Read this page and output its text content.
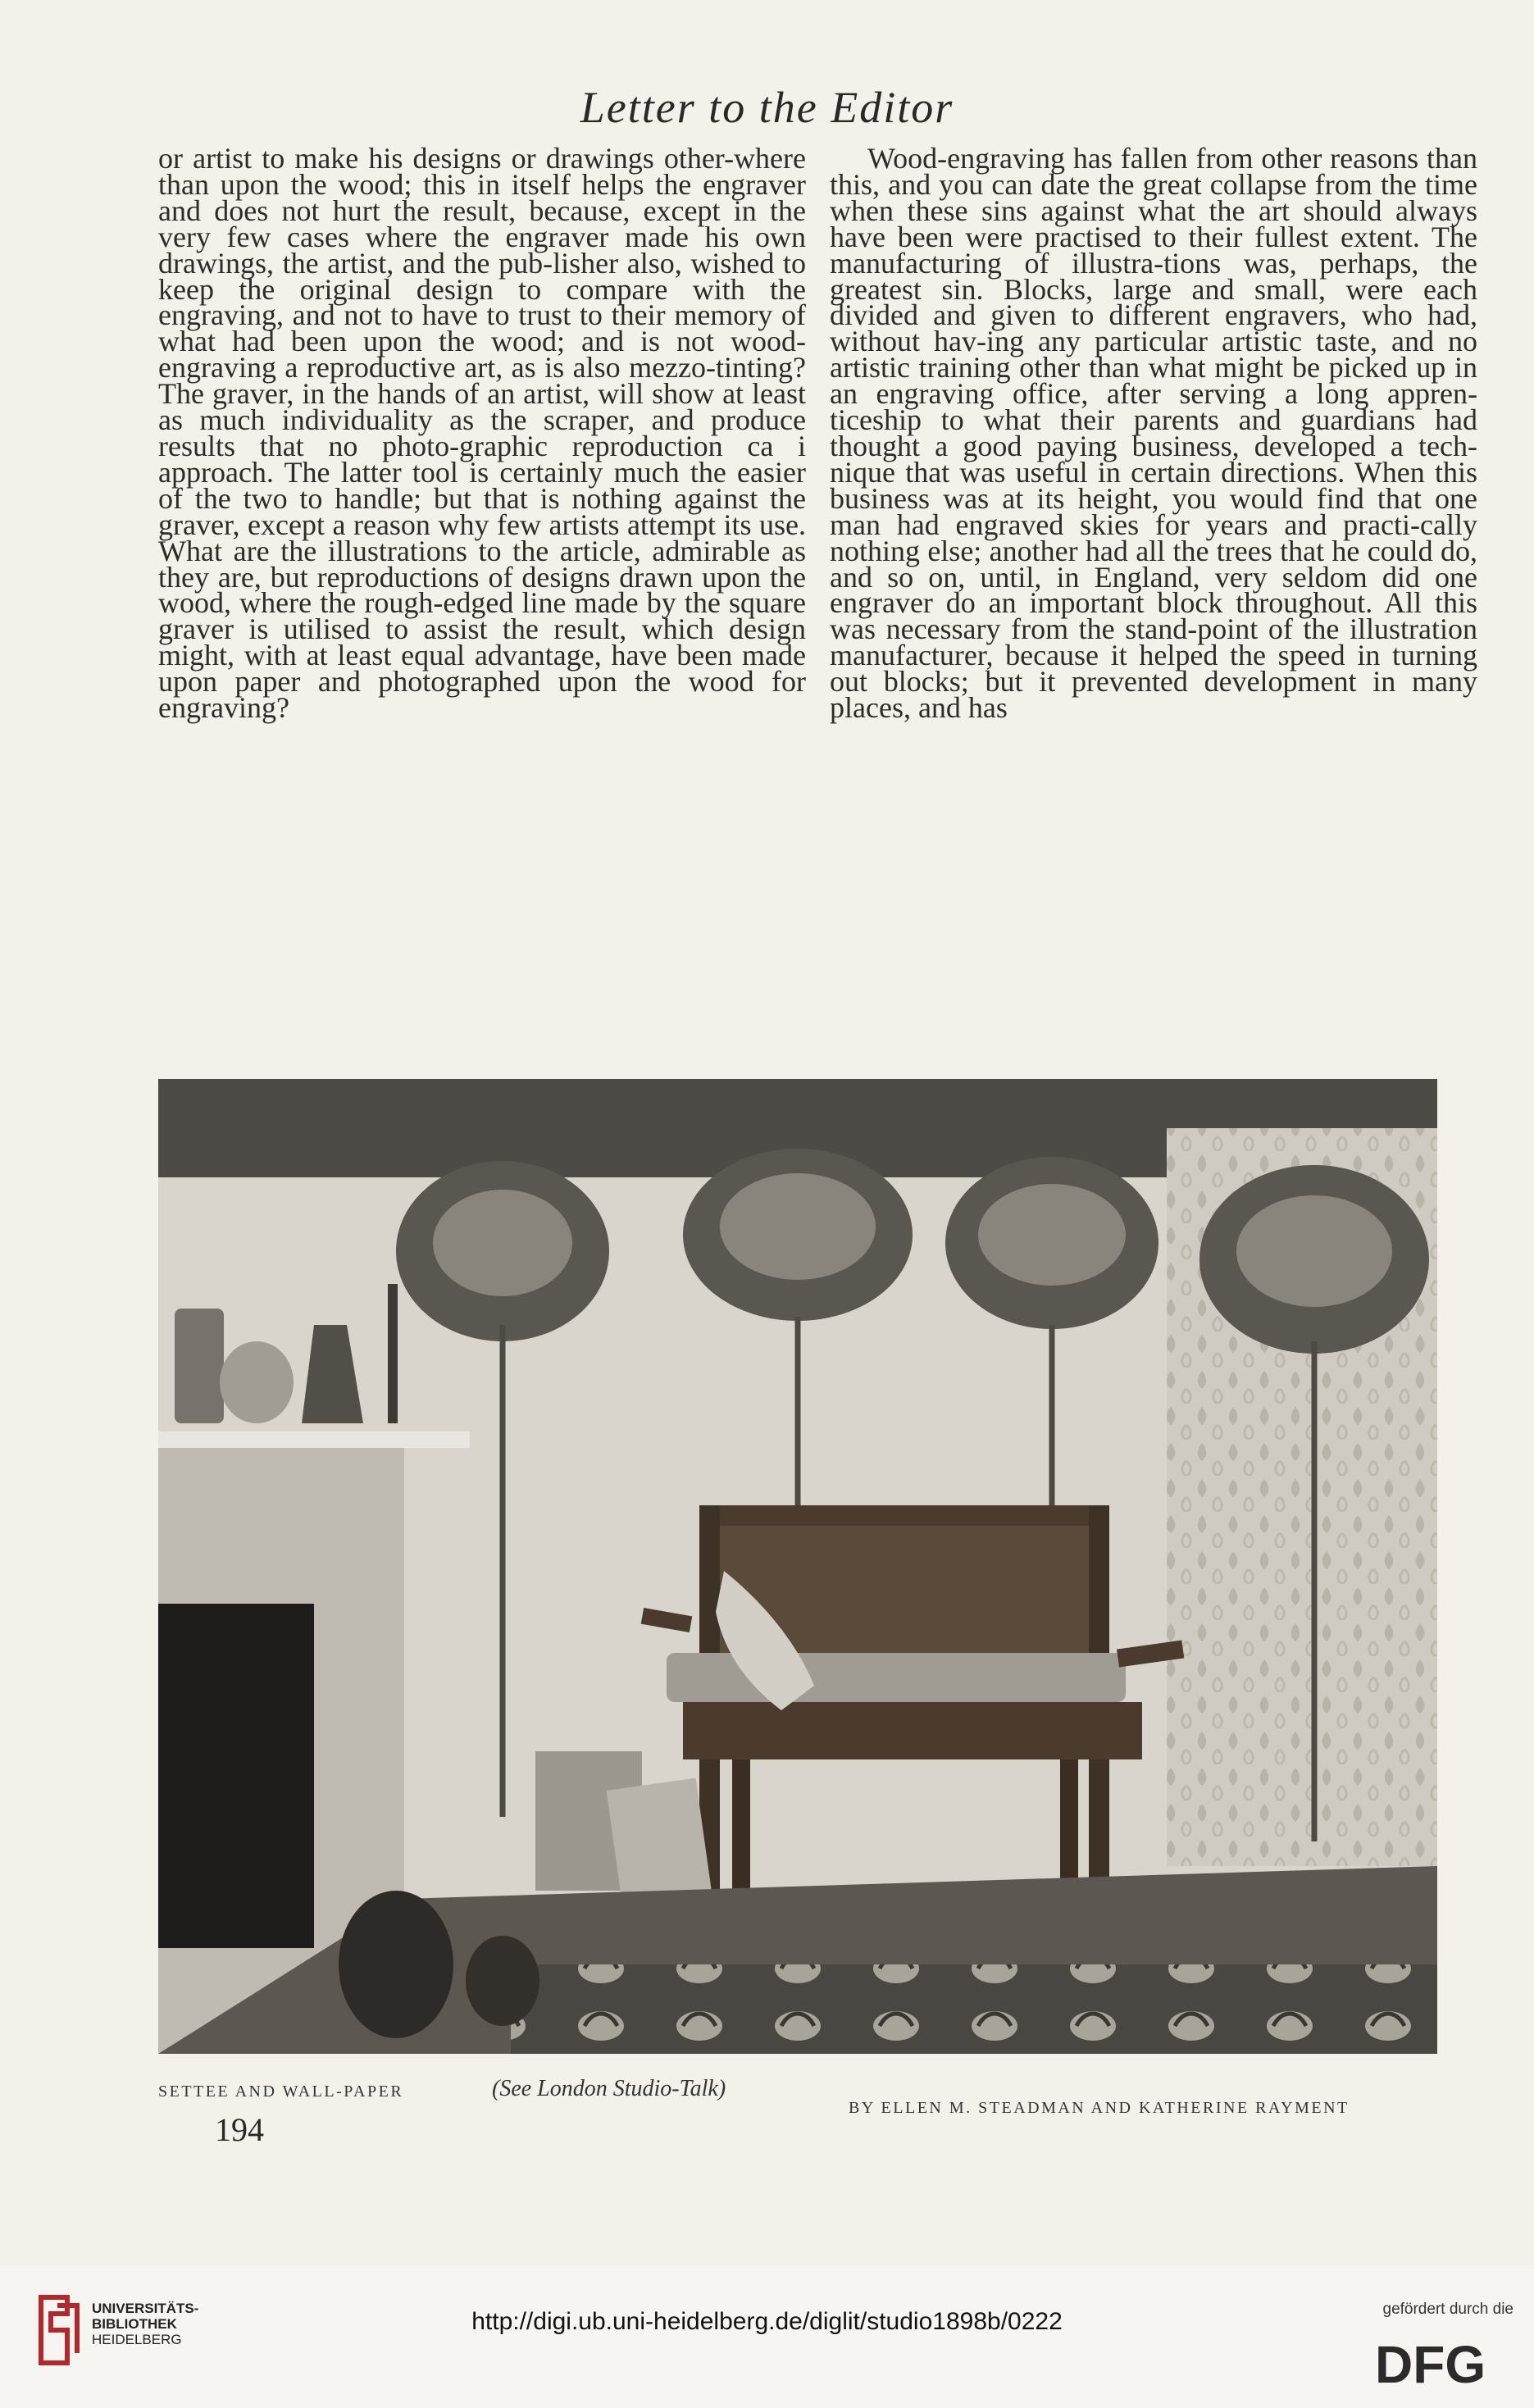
Letter to the Editor

or artist to make his designs or drawings other-where than upon the wood; this in itself helps the engraver and does not hurt the result, because, except in the very few cases where the engraver made his own drawings, the artist, and the pub-lisher also, wished to keep the original design to compare with the engraving, and not to have to trust to their memory of what had been upon the wood; and is not wood-engraving a reproductive art, as is also mezzo-tinting? The graver, in the hands of an artist, will show at least as much individuality as the scraper, and produce results that no photo-graphic reproduction ca i approach. The latter tool is certainly much the easier of the two to handle; but that is nothing against the graver, except a reason why few artists attempt its use. What are the illustrations to the article, admirable as they are, but reproductions of designs drawn upon the wood, where the rough-edged line made by the square graver is utilised to assist the result, which design might, with at least equal advantage, have been made upon paper and photographed upon the wood for engraving?

Wood-engraving has fallen from other reasons than this, and you can date the great collapse from the time when these sins against what the art should always have been were practised to their fullest extent. The manufacturing of illustra-tions was, perhaps, the greatest sin. Blocks, large and small, were each divided and given to different engravers, who had, without hav-ing any particular artistic taste, and no artistic training other than what might be picked up in an engraving office, after serving a long appren-ticeship to what their parents and guardians had thought a good paying business, developed a tech-nique that was useful in certain directions. When this business was at its height, you would find that one man had engraved skies for years and practi-cally nothing else; another had all the trees that he could do, and so on, until, in England, very seldom did one engraver do an important block throughout. All this was necessary from the stand-point of the illustration manufacturer, because it helped the speed in turning out blocks; but it prevented development in many places, and has

SETTEE AND WALL-PAPER	(See London Studio-Talk)
BY ELLEN M. STEADMAN AND KATHERINE RAYMENT
194
UNIVERSITÄTS-
BIBLIOTHEK
HEIDELBERG
http://digi.ub.uni-heidelberg.de/diglit/studio1898b/0222	gefördert durch die
DFG
